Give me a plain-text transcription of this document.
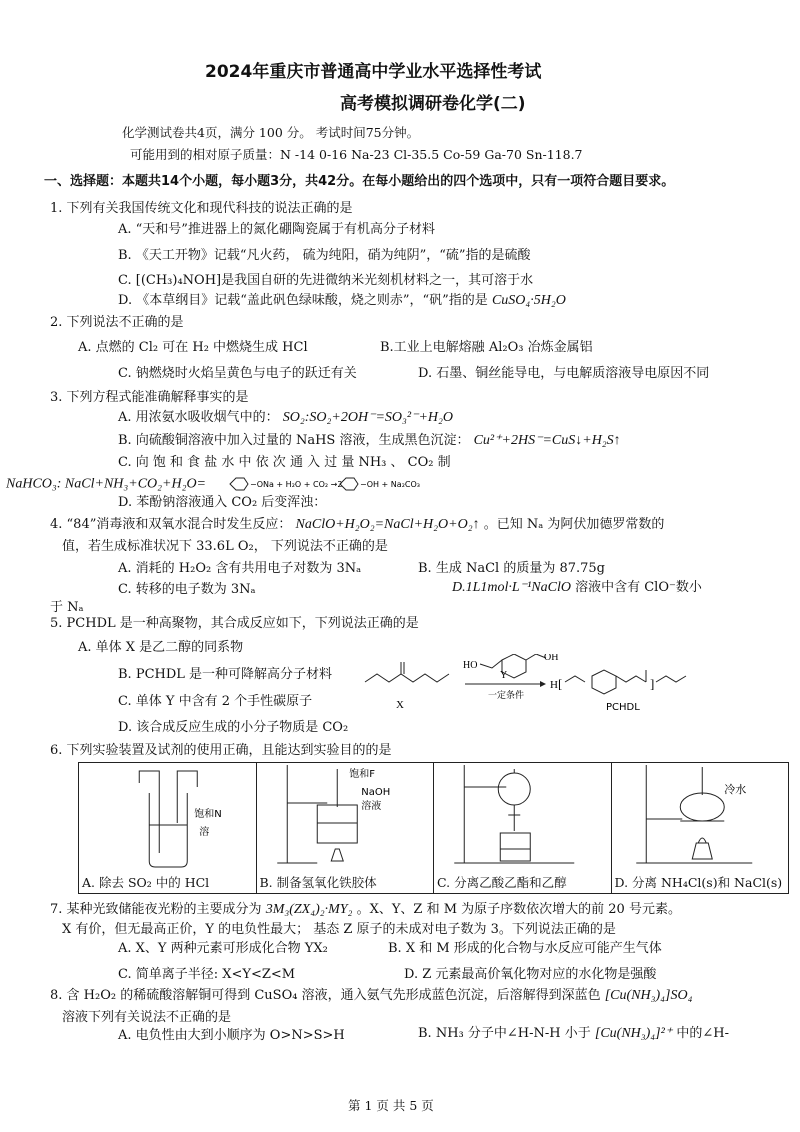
2024年重庆市普通高中学业水平选择性考试
高考模拟调研卷化学(二)
化学测试卷共4页，满分 100 分。 考试时间75分钟。
可能用到的相对原子质量：N -14 0-16 Na-23 Cl-35.5 Co-59 Ga-70 Sn-118.7
一、选择题：本题共14个小题，每小题3分，共42分。在每小题给出的四个选项中，只有一项符合题目要求。
1. 下列有关我国传统文化和现代科技的说法正确的是
A. “天和号”推进器上的氮化硼陶瓷属于有机高分子材料
B. 《天工开物》记载“凡火药， 硫为纯阳，硝为纯阴”，“硫”指的是硫酸
C. [(CH₃)₄NOH]是我国自研的先进微纳米光刻机材料之一，其可溶于水
D. 《本草纲目》记载“盖此矾色绿味酸，烧之则赤”，“矾”指的是 CuSO₄·5H₂O
2. 下列说法不正确的是
A. 点燃的 Cl₂ 可在 H₂ 中燃烧生成 HCl	B.工业上电解熔融 Al₂O₃ 冶炼金属铝
C. 钠燃烧时火焰呈黄色与电子的跃迁有关	D. 石墨、铜丝能导电，与电解质溶液导电原因不同
3. 下列方程式能准确解释事实的是
A. 用浓氨水吸收烟气中的： SO₂:SO₂+2OH⁻=SO₃²⁻+H₂O
B. 向硫酸铜溶液中加入过量的 NaHS 溶液，生成黑色沉淀： Cu²⁺+2HS⁻=CuS↓+H₂S↑
C. 向 饱 和 食 盐 水 中 依 次 通 入 过 量 NH₃ 、 CO₂ 制
NaHCO₃: NaCl+NH₃+CO₂+H₂O=	−ONa + H₂O + CO₂ →2 −OH + Na₂CO₃
D. 苯酚钠溶液通入 CO₂ 后变浑浊：
4. “84”消毒液和双氧水混合时发生反应： NaClO+H₂O₂=NaCl+H₂O+O₂↑ 。已知 Nₐ 为阿伏加德罗常数的
值，若生成标准状况下 33.6L O₂， 下列说法不正确的是
A. 消耗的 H₂O₂ 含有共用电子对数为 3Nₐ	B. 生成 NaCl 的质量为 87.75g
C. 转移的电子数为 3Nₐ	D.1L1mol·L⁻¹NaClO 溶液中含有 ClO⁻数小
于 Nₐ
5. PCHDL 是一种高聚物，其合成反应如下，下列说法正确的是
A. 单体 X 是乙二醇的同系物
B. PCHDL 是一种可降解高分子材料
C. 单体 Y 中含有 2 个手性碳原子
D. 该合成反应生成的小分子物质是 CO₂
X
HO
OH
Y
一定条件
H [	]
PCHDL
6. 下列实验装置及试剂的使用正确，且能达到实验目的的是
饱和N
溶
A. 除去 SO₂ 中的 HCl
饱和F
NaOH
溶液
B. 制备氢氧化铁胶体	C. 分离乙酸乙酯和乙醇
冷水
D. 分离 NH₄Cl(s)和 NaCl(s)
7. 某种光致储能夜光粉的主要成分为 3M₃(ZX₄)₂·MY₂ 。X、Y、Z 和 M 为原子序数依次增大的前 20 号元素。
X 有价，但无最高正价，Y 的电负性最大； 基态 Z 原子的未成对电子数为 3。下列说法正确的是
A. X、Y 两种元素可形成化合物 YX₂	B. X 和 M 形成的化合物与水反应可能产生气体
C. 简单离子半径: X<Y<Z<M	D. Z 元素最高价氧化物对应的水化物是强酸
8. 含 H₂O₂ 的稀硫酸溶解铜可得到 CuSO₄ 溶液，通入氨气先形成蓝色沉淀，后溶解得到深蓝色 [Cu(NH₃)₄]SO₄
溶液下列有关说法不正确的是
A. 电负性由大到小顺序为 O>N>S>H	B. NH₃ 分子中∠H-N-H 小于 [Cu(NH₃)₄]²⁺ 中的∠H-
第 1 页 共 5 页
